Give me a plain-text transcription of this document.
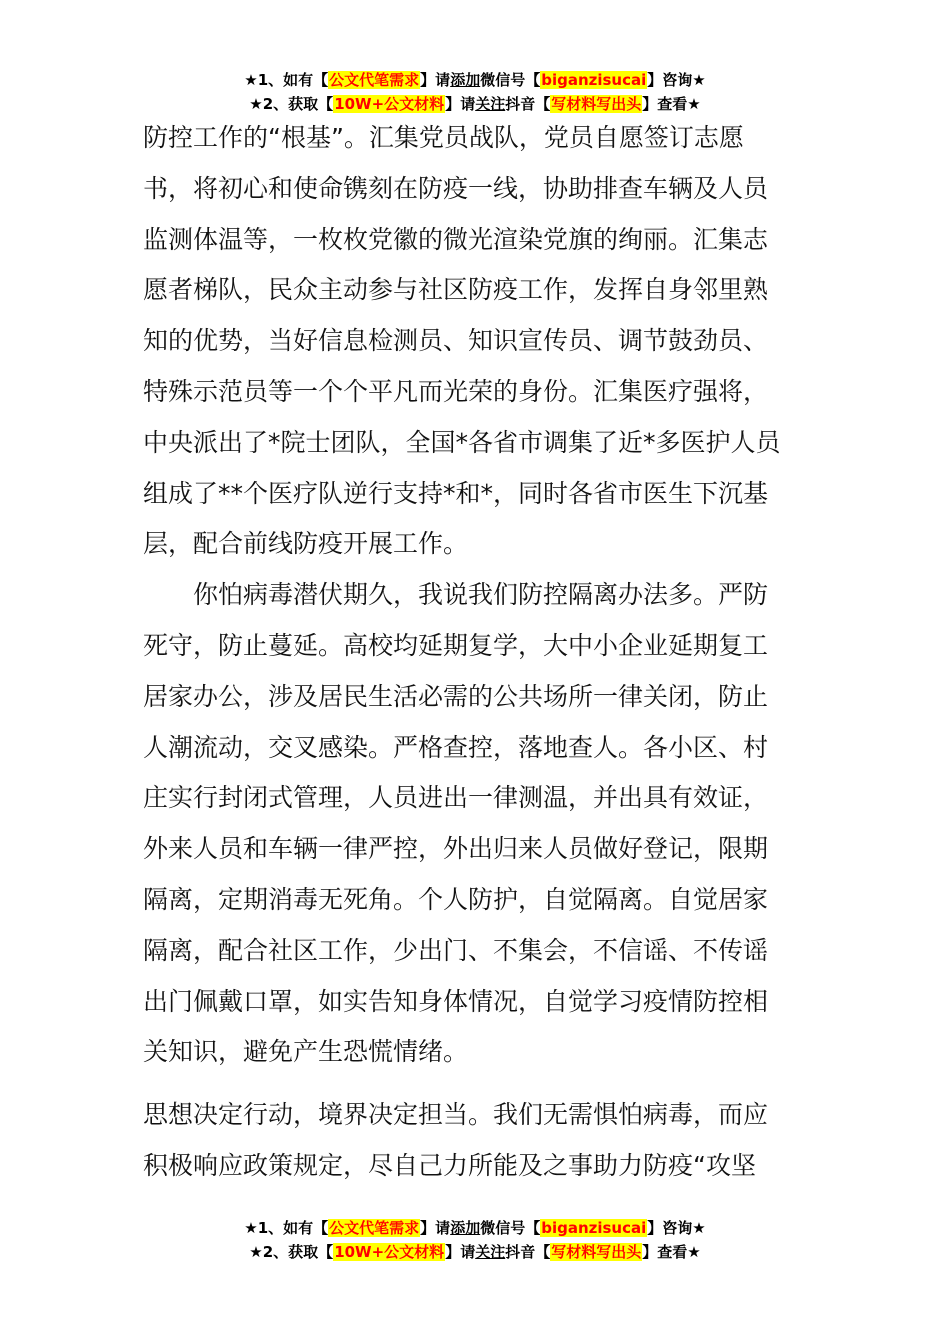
★1、如有【公文代笔需求】请添加微信号【biganzisucai】咨询★
★2、获取【10W+公文材料】请关注抖音【写材料写出头】查看★
防控工作的“根基”。汇集党员战队，党员自愿签订志愿
书，将初心和使命镌刻在防疫一线，协助排查车辆及人员
监测体温等，一枚枚党徽的微光渲染党旗的绚丽。汇集志
愿者梯队，民众主动参与社区防疫工作，发挥自身邻里熟
知的优势，当好信息检测员、知识宣传员、调节鼓劲员、
特殊示范员等一个个平凡而光荣的身份。汇集医疗强将，
中央派出了*院士团队，全国*各省市调集了近*多医护人员
组成了**个医疗队逆行支持*和*，同时各省市医生下沉基
层，配合前线防疫开展工作。
你怕病毒潜伏期久，我说我们防控隔离办法多。严防
死守，防止蔓延。高校均延期复学，大中小企业延期复工
居家办公，涉及居民生活必需的公共场所一律关闭，防止
人潮流动，交叉感染。严格查控，落地查人。各小区、村
庄实行封闭式管理，人员进出一律测温，并出具有效证，
外来人员和车辆一律严控，外出归来人员做好登记，限期
隔离，定期消毒无死角。个人防护，自觉隔离。自觉居家
隔离，配合社区工作，少出门、不集会，不信谣、不传谣
出门佩戴口罩，如实告知身体情况，自觉学习疫情防控相
关知识，避免产生恐慌情绪。
思想决定行动，境界决定担当。我们无需惧怕病毒，而应
积极响应政策规定，尽自己力所能及之事助力防疫“攻坚
★1、如有【公文代笔需求】请添加微信号【biganzisucai】咨询★
★2、获取【10W+公文材料】请关注抖音【写材料写出头】查看★
